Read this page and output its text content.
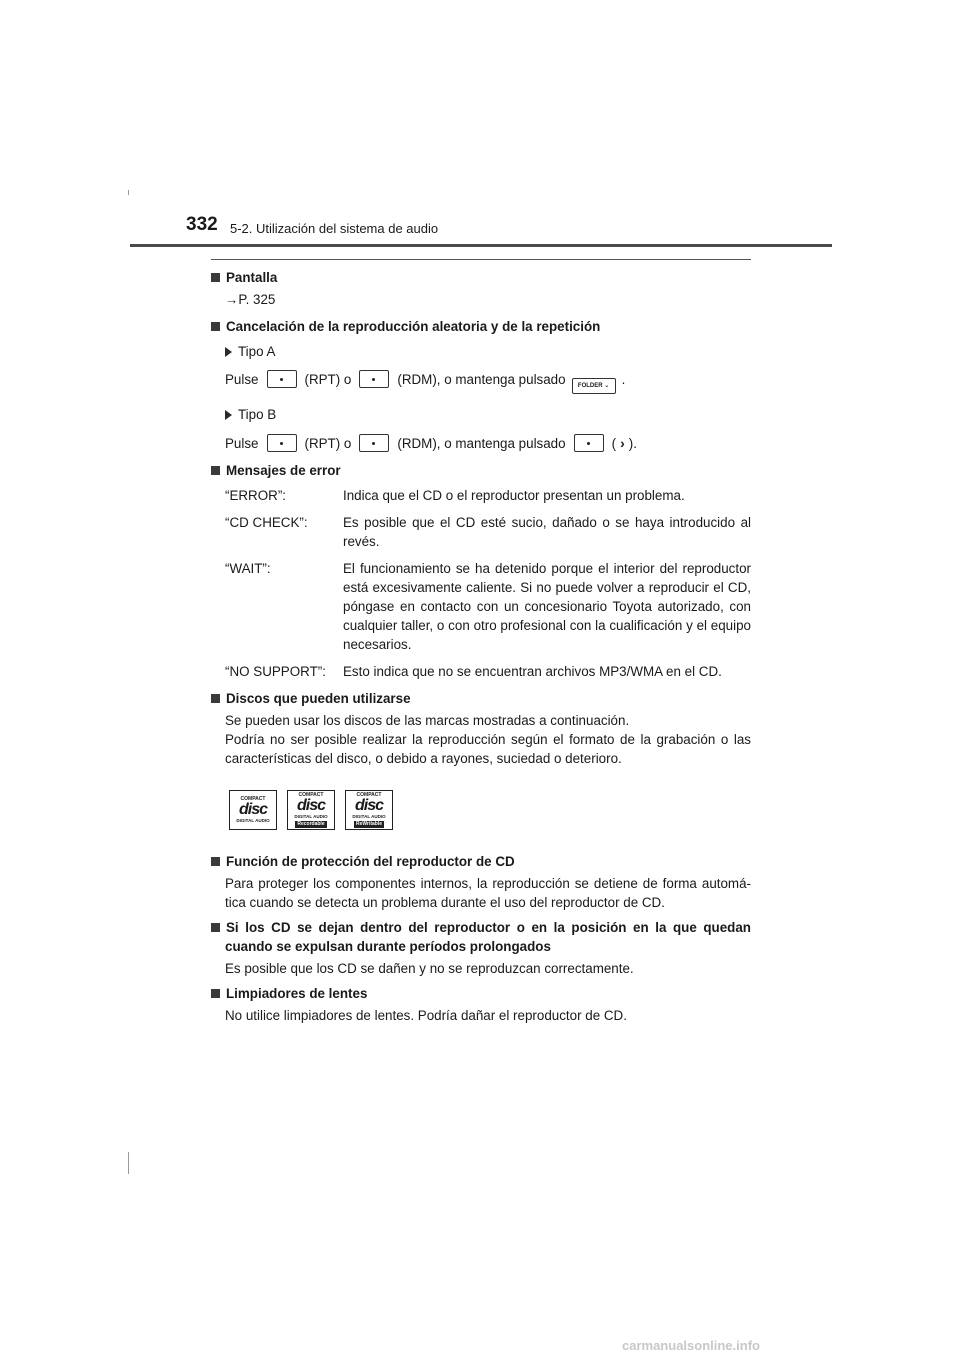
332 5-2. Utilización del sistema de audio

Pantalla

→P. 325

Cancelación de la reproducción aleatoria y de la repetición

Tipo A

Pulse	(RPT) o	(RDM), o mantenga pulsado FOLDER ⌄ .

Tipo B

Pulse	(RPT) o	(RDM), o mantenga pulsado	( › ).

Mensajes de error

“ERROR”:	Indica que el CD o el reproductor presentan un problema.
“CD CHECK”:	Es posible que el CD esté sucio, dañado o se haya introducido al revés.
“WAIT”:	El funcionamiento se ha detenido porque el interior del reproductor está excesivamente caliente. Si no puede volver a reproducir el CD, póngase en contacto con un concesionario Toyota autorizado, con cualquier taller, o con otro profesional con la cualificación y el equipo necesarios.
“NO SUPPORT”:	Esto indica que no se encuentran archivos MP3/WMA en el CD.

Discos que pueden utilizarse

Se pueden usar los discos de las marcas mostradas a continuación.

Podría no ser posible realizar la reproducción según el formato de la grabación o las características del disco, o debido a rayones, suciedad o deterioro.

COMPACT
disc
DIGITAL AUDIO
COMPACT
disc
DIGITAL AUDIO
Recordable
COMPACT
disc
DIGITAL AUDIO
ReWritable

Función de protección del reproductor de CD

Para proteger los componentes internos, la reproducción se detiene de forma automá- tica cuando se detecta un problema durante el uso del reproductor de CD.

Si los CD se dejan dentro del reproductor o en la posición en la que quedan cuando se expulsan durante períodos prolongados

Es posible que los CD se dañen y no se reproduzcan correctamente.

Limpiadores de lentes

No utilice limpiadores de lentes. Podría dañar el reproductor de CD.

carmanualsonline.info
